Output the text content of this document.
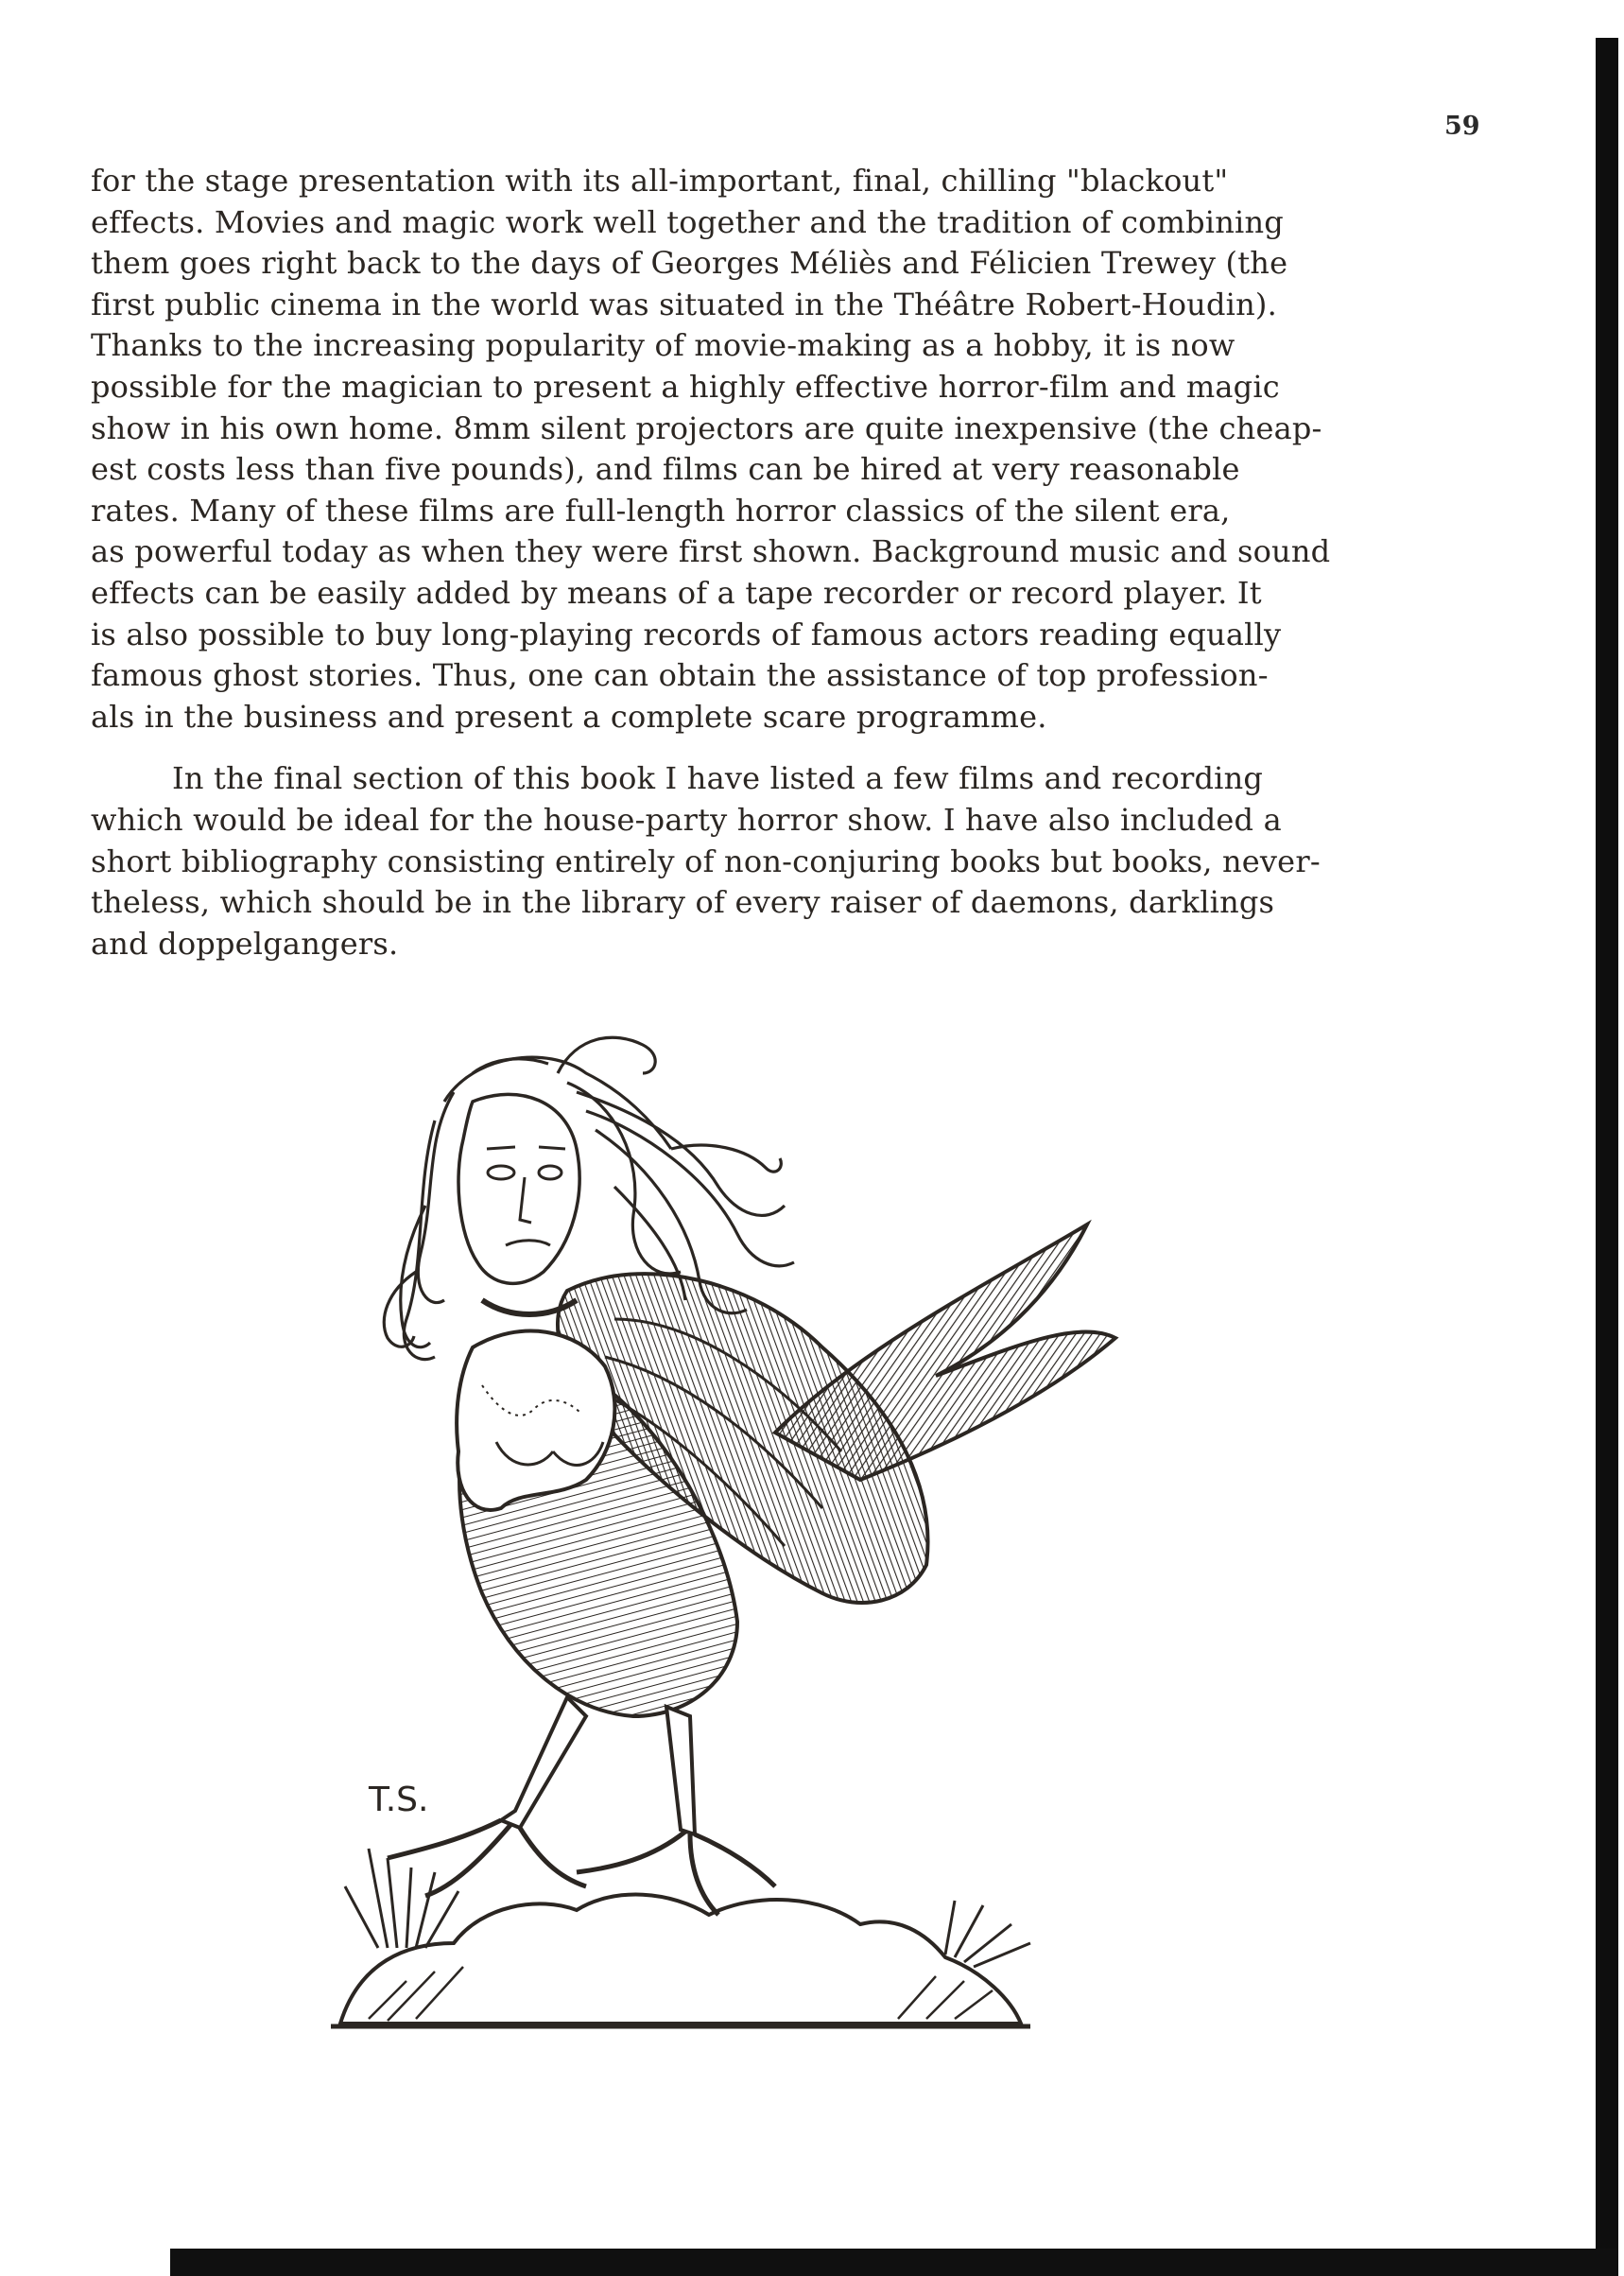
59

for the stage presentation with its all-important, final, chilling "blackout"
effects. Movies and magic work well together and the tradition of combining
them goes right back to the days of Georges Méliès and Félicien Trewey (the
first public cinema in the world was situated in the Théâtre Robert-Houdin).
Thanks to the increasing popularity of movie-making as a hobby, it is now
possible for the magician to present a highly effective horror-film and magic
show in his own home. 8mm silent projectors are quite inexpensive (the cheap-
est costs less than five pounds), and films can be hired at very reasonable
rates. Many of these films are full-length horror classics of the silent era,
as powerful today as when they were first shown. Background music and sound
effects can be easily added by means of a tape recorder or record player. It
is also possible to buy long-playing records of famous actors reading equally
famous ghost stories. Thus, one can obtain the assistance of top profession-
als in the business and present a complete scare programme.

In the final section of this book I have listed a few films and recording
which would be ideal for the house-party horror show. I have also included a
short bibliography consisting entirely of non-conjuring books but books, never-
theless, which should be in the library of every raiser of daemons, darklings
and doppelgangers.

T.S.
